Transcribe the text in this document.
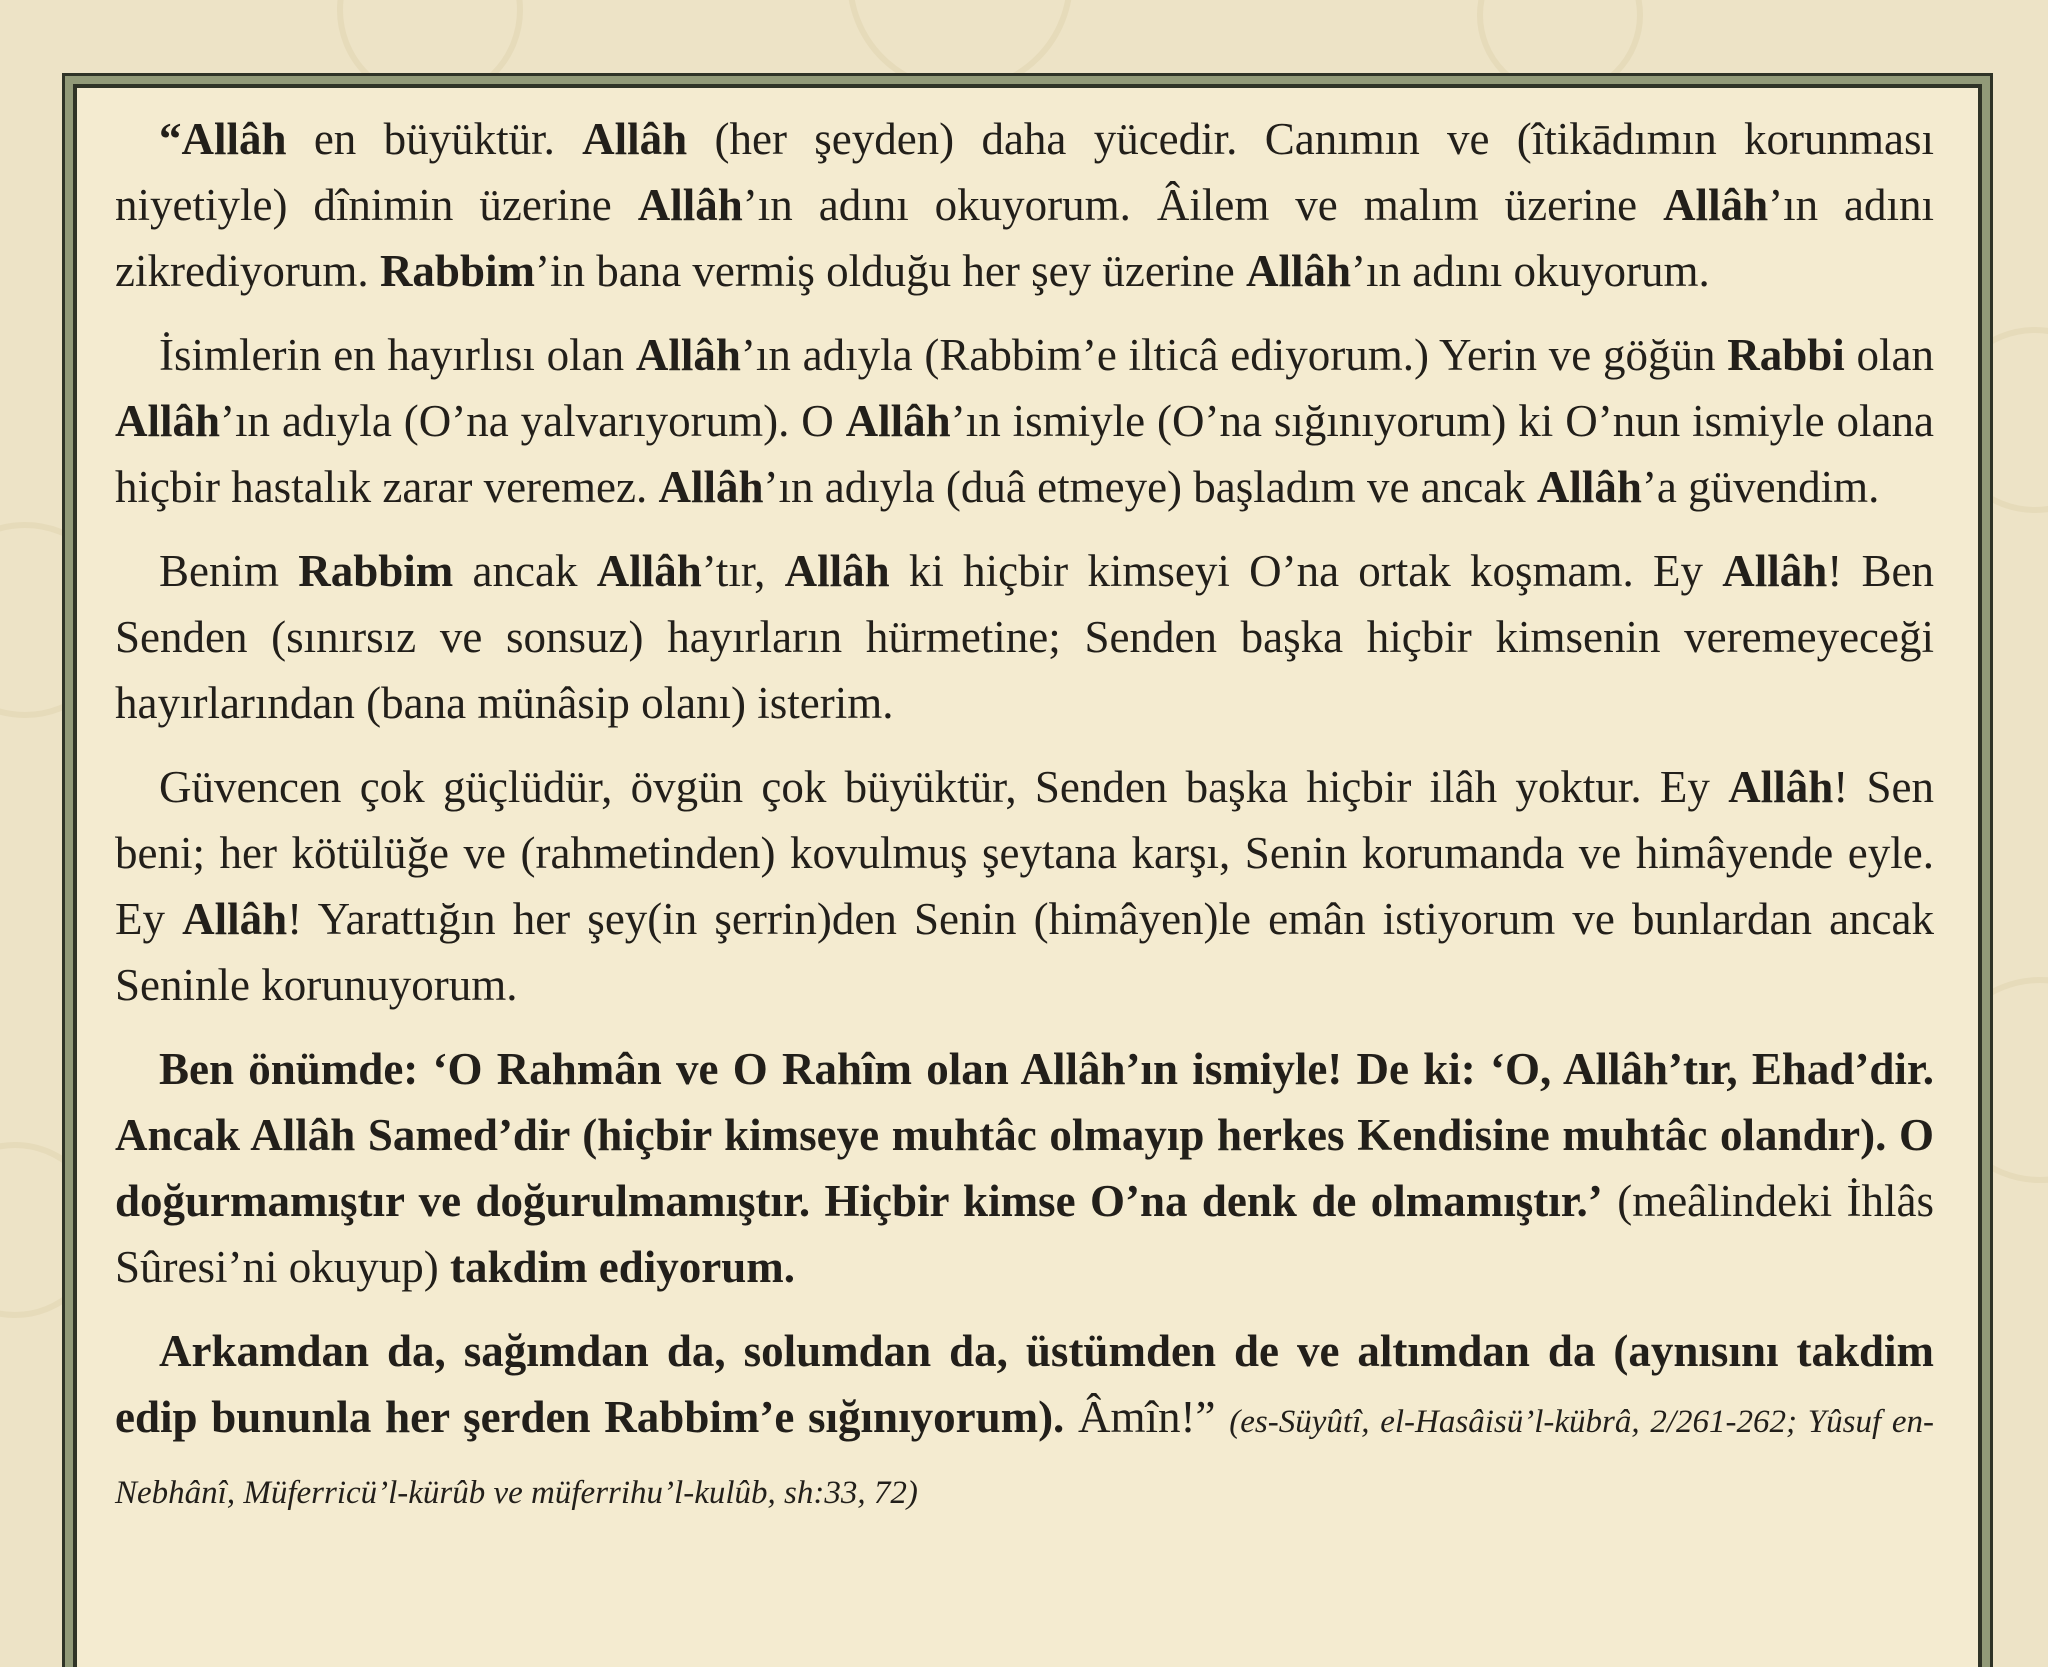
“Allâh en büyüktür. Allâh (her şeyden) daha yücedir. Canımın ve (îtikādımın korunması niyetiyle) dînimin üzerine Allâh’ın adını okuyorum. Âilem ve malım üzerine Allâh’ın adını zikrediyorum. Rabbim’in bana vermiş olduğu her şey üzerine Allâh’ın adını okuyorum.

İsimlerin en hayırlısı olan Allâh’ın adıyla (Rabbim’e ilticâ ediyorum.) Yerin ve göğün Rabbi olan Allâh’ın adıyla (O’na yalvarıyorum). O Allâh’ın ismiyle (O’na sığınıyorum) ki O’nun ismiyle olana hiçbir hastalık zarar veremez. Allâh’ın adıyla (duâ etmeye) başladım ve ancak Allâh’a güvendim.

Benim Rabbim ancak Allâh’tır, Allâh ki hiçbir kimseyi O’na ortak koşmam. Ey Allâh! Ben Senden (sınırsız ve sonsuz) hayırların hürmetine; Senden başka hiçbir kimsenin veremeyeceği hayırlarından (bana münâsip olanı) isterim.

Güvencen çok güçlüdür, övgün çok büyüktür, Senden başka hiçbir ilâh yoktur. Ey Allâh! Sen beni; her kötülüğe ve (rahmetinden) kovulmuş şeytana karşı, Senin korumanda ve himâyende eyle. Ey Allâh! Yarattığın her şey(in şerrin)den Senin (himâyen)le emân istiyorum ve bunlardan ancak Seninle korunuyorum.

Ben önümde: ‘O Rahmân ve O Rahîm olan Allâh’ın ismiyle! De ki: ‘O, Allâh’tır, Ehad’dir. Ancak Allâh Samed’dir (hiçbir kimseye muhtâc olmayıp herkes Kendisine muhtâc olandır). O doğurmamıştır ve doğurulmamıştır. Hiçbir kimse O’na denk de olmamıştır.’ (meâlindeki İhlâs Sûresi’ni okuyup) takdim ediyorum.

Arkamdan da, sağımdan da, solumdan da, üstümden de ve altımdan da (aynısını takdim edip bununla her şerden Rabbim’e sığınıyorum). Âmîn!” (es-Süyûtî, el-Hasâisü’l-kübrâ, 2/261-262; Yûsuf en-Nebhânî, Müferricü’l-kürûb ve müferrihu’l-kulûb, sh:33, 72)
